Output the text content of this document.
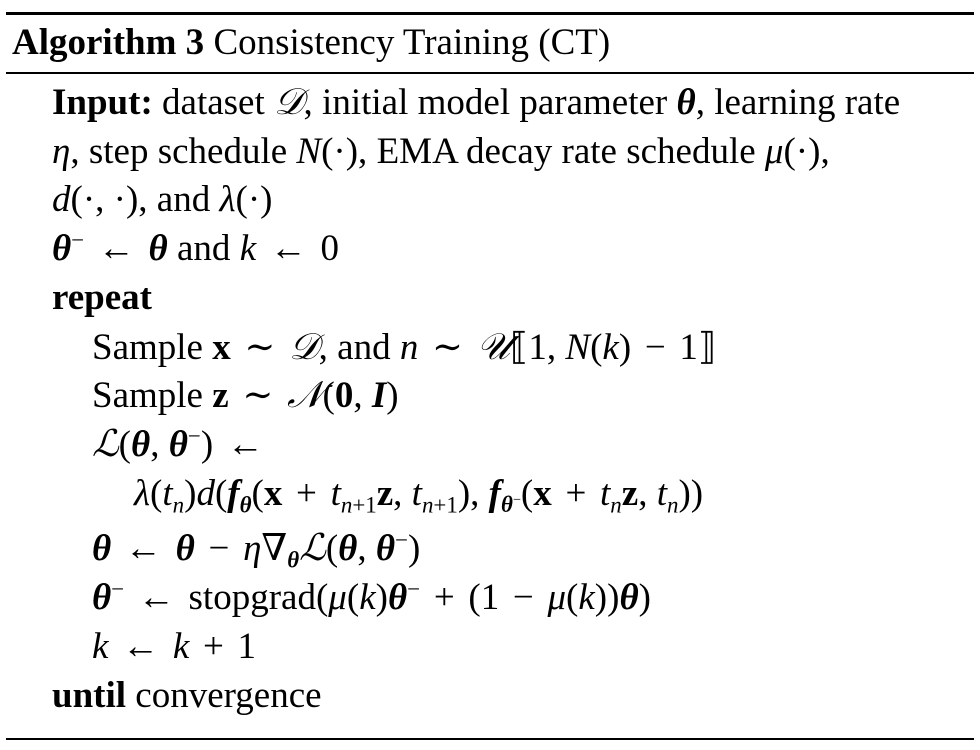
Algorithm 3 Consistency Training (CT)
Input: dataset 𝒟, initial model parameter θ, learning rate
η, step schedule N(·), EMA decay rate schedule μ(·),
d(·, ·), and λ(·)
θ− ← θ and k ← 0
repeat
Sample x ∼ 𝒟, and n ∼ 𝒰⟦1, N(k) − 1⟧
Sample z ∼ 𝒩(0, I)
ℒ(θ, θ−) ←
$\lambda(t_n)d(f_\theta(x + t_{n+1}z$, $t_{n+1}$), $f_{\theta^-}(x + t_nz$, $t_n$))
θ ← $\theta - \eta\nabla_\theta ℒ(\theta$, θ−)
θ− ← stopgrad(μ(k)θ− + (1 − μ(k))θ)
k ← k + 1
until convergence
